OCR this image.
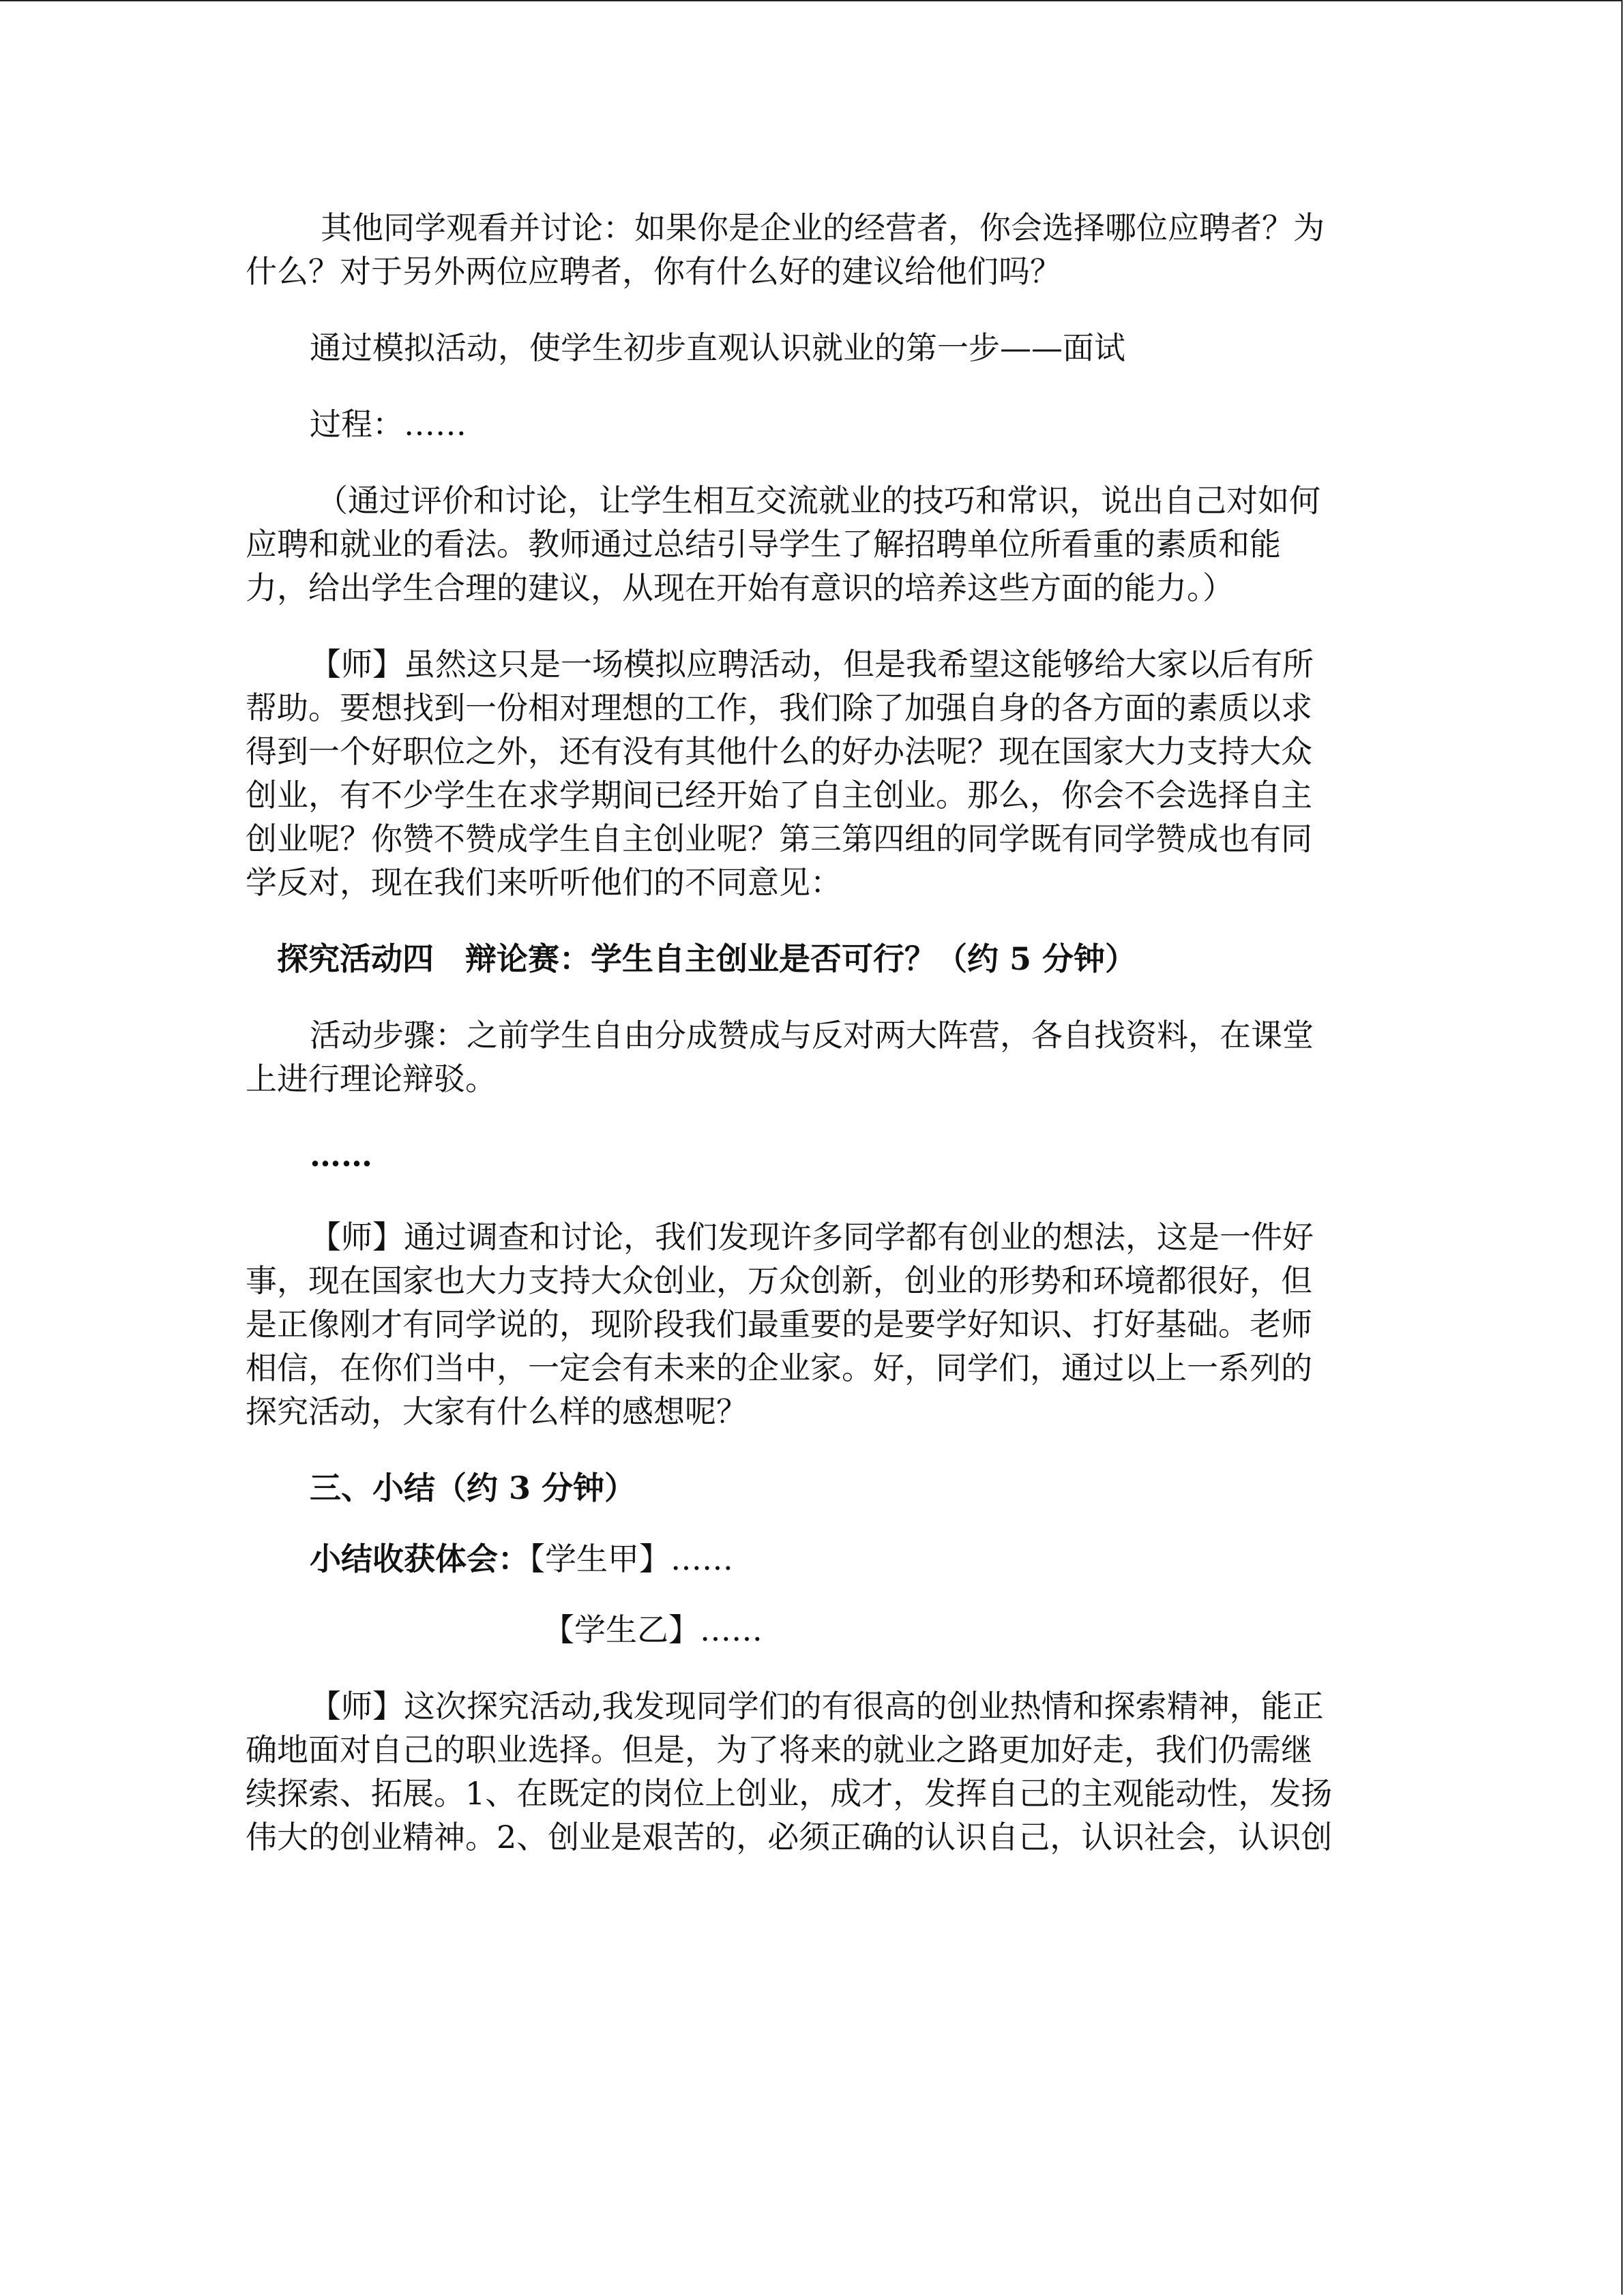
其他同学观看并讨论：如果你是企业的经营者，你会选择哪位应聘者？为
什么？对于另外两位应聘者，你有什么好的建议给他们吗？
通过模拟活动，使学生初步直观认识就业的第一步——面试
过程：……
（通过评价和讨论，让学生相互交流就业的技巧和常识，说出自己对如何
应聘和就业的看法。教师通过总结引导学生了解招聘单位所看重的素质和能
力，给出学生合理的建议，从现在开始有意识的培养这些方面的能力。）
【师】虽然这只是一场模拟应聘活动，但是我希望这能够给大家以后有所
帮助。要想找到一份相对理想的工作，我们除了加强自身的各方面的素质以求
得到一个好职位之外，还有没有其他什么的好办法呢？现在国家大力支持大众
创业，有不少学生在求学期间已经开始了自主创业。那么，你会不会选择自主
创业呢？你赞不赞成学生自主创业呢？第三第四组的同学既有同学赞成也有同
学反对，现在我们来听听他们的不同意见：
探究活动四　辩论赛：学生自主创业是否可行？（约 5 分钟）
活动步骤：之前学生自由分成赞成与反对两大阵营，各自找资料，在课堂
上进行理论辩驳。
……
【师】通过调查和讨论，我们发现许多同学都有创业的想法，这是一件好
事，现在国家也大力支持大众创业，万众创新，创业的形势和环境都很好，但
是正像刚才有同学说的，现阶段我们最重要的是要学好知识、打好基础。老师
相信，在你们当中，一定会有未来的企业家。好，同学们，通过以上一系列的
探究活动，大家有什么样的感想呢？
三、小结（约 3 分钟）
小结收获体会：【学生甲】……
【学生乙】……
【师】这次探究活动,我发现同学们的有很高的创业热情和探索精神，能正
确地面对自己的职业选择。但是，为了将来的就业之路更加好走，我们仍需继
续探索、拓展。1、在既定的岗位上创业，成才，发挥自己的主观能动性，发扬
伟大的创业精神。2、创业是艰苦的，必须正确的认识自己，认识社会，认识创
